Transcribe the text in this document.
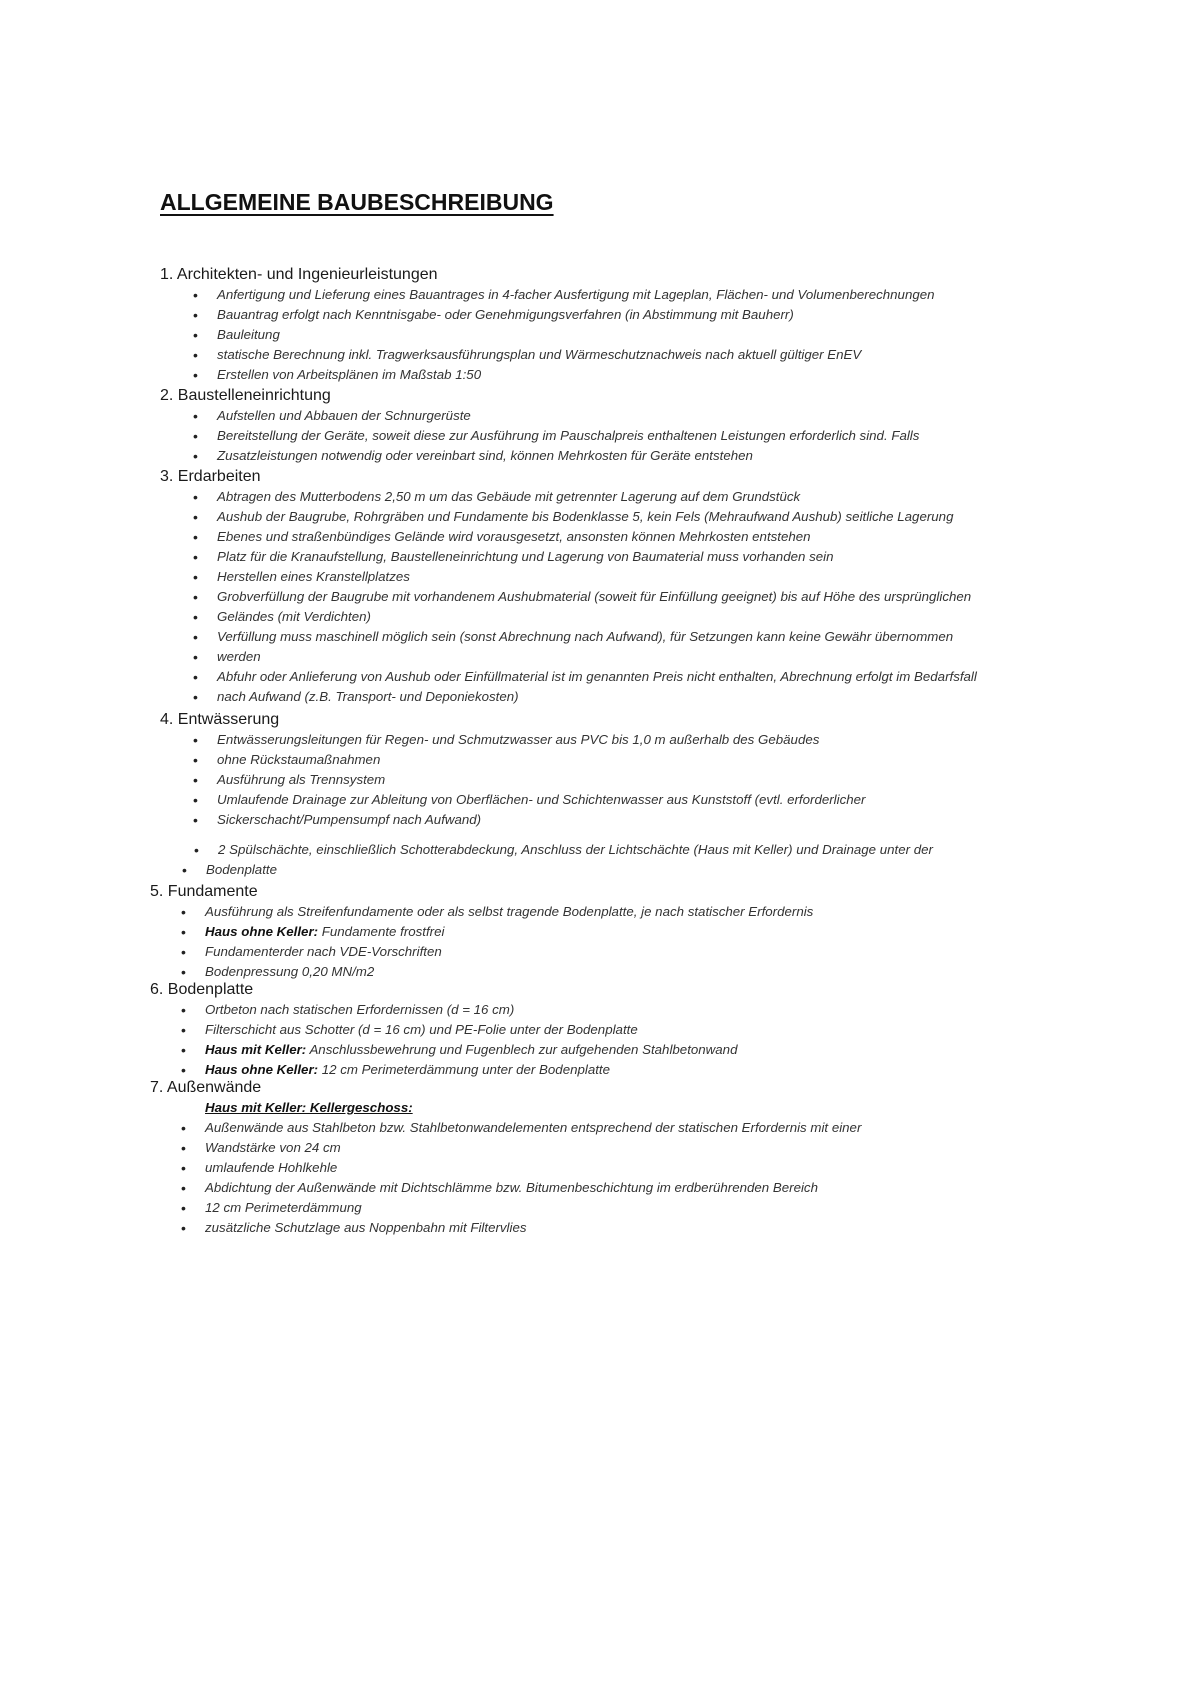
ALLGEMEINE BAUBESCHREIBUNG
1. Architekten- und Ingenieurleistungen
• Anfertigung und Lieferung eines Bauantrages in 4-facher Ausfertigung mit Lageplan, Flächen- und Volumenberechnungen
• Bauantrag erfolgt nach Kenntnisgabe- oder Genehmigungsverfahren (in Abstimmung mit Bauherr)
• Bauleitung
• statische Berechnung inkl. Tragwerksausführungsplan und Wärmeschutznachweis nach aktuell gültiger EnEV
• Erstellen von Arbeitsplänen im Maßstab 1:50
2. Baustelleneinrichtung
• Aufstellen und Abbauen der Schnurgerüste
• Bereitstellung der Geräte, soweit diese zur Ausführung im Pauschalpreis enthaltenen Leistungen erforderlich sind. Falls
• Zusatzleistungen notwendig oder vereinbart sind, können Mehrkosten für Geräte entstehen
3. Erdarbeiten
• Abtragen des Mutterbodens 2,50 m um das Gebäude mit getrennter Lagerung auf dem Grundstück
• Aushub der Baugrube, Rohrgräben und Fundamente bis Bodenklasse 5, kein Fels (Mehraufwand Aushub) seitliche Lagerung
• Ebenes und straßenbündiges Gelände wird vorausgesetzt, ansonsten können Mehrkosten entstehen
• Platz für die Kranaufstellung, Baustelleneinrichtung und Lagerung von Baumaterial muss vorhanden sein
• Herstellen eines Kranstellplatzes
• Grobverfüllung der Baugrube mit vorhandenem Aushubmaterial (soweit für Einfüllung geeignet) bis auf Höhe des ursprünglichen
• Geländes (mit Verdichten)
• Verfüllung muss maschinell möglich sein (sonst Abrechnung nach Aufwand), für Setzungen kann keine Gewähr übernommen
• werden
• Abfuhr oder Anlieferung von Aushub oder Einfüllmaterial ist im genannten Preis nicht enthalten, Abrechnung erfolgt im Bedarfsfall
• nach Aufwand (z.B. Transport- und Deponiekosten)
4. Entwässerung
• Entwässerungsleitungen für Regen- und Schmutzwasser aus PVC bis 1,0 m außerhalb des Gebäudes
• ohne Rückstaumaßnahmen
• Ausführung als Trennsystem
• Umlaufende Drainage zur Ableitung von Oberflächen- und Schichtenwasser aus Kunststoff (evtl. erforderlicher
• Sickerschacht/Pumpensumpf nach Aufwand)
• 2 Spülschächte, einschließlich Schotterabdeckung, Anschluss der Lichtschächte (Haus mit Keller) und Drainage unter der
• Bodenplatte
5. Fundamente
• Ausführung als Streifenfundamente oder als selbst tragende Bodenplatte, je nach statischer Erfordernis
• Haus ohne Keller: Fundamente frostfrei
• Fundamenterder nach VDE-Vorschriften
• Bodenpressung 0,20 MN/m2
6. Bodenplatte
• Ortbeton nach statischen Erfordernissen (d = 16 cm)
• Filterschicht aus Schotter (d = 16 cm) und PE-Folie unter der Bodenplatte
• Haus mit Keller: Anschlussbewehrung und Fugenblech zur aufgehenden Stahlbetonwand
• Haus ohne Keller: 12 cm Perimeterdämmung unter der Bodenplatte
7. Außenwände
Haus mit Keller: Kellergeschoss:
• Außenwände aus Stahlbeton bzw. Stahlbetonwandelementen entsprechend der statischen Erfordernis mit einer
• Wandstärke von 24 cm
• umlaufende Hohlkehle
• Abdichtung der Außenwände mit Dichtschlämme bzw. Bitumenbeschichtung im erdberührenden Bereich
• 12 cm Perimeterdämmung
• zusätzliche Schutzlage aus Noppenbahn mit Filtervlies
